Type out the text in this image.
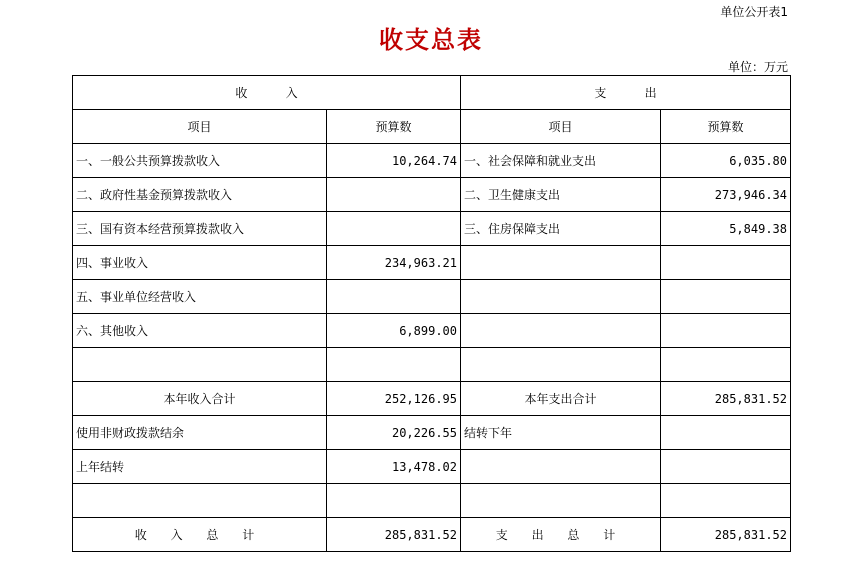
单位公开表1
收支总表
单位：万元
收          入		支          出	
项目	预算数	项目	预算数
一、一般公共预算拨款收入	10,264.74	一、社会保障和就业支出	6,035.80
二、政府性基金预算拨款收入		二、卫生健康支出	273,946.34
三、国有资本经营预算拨款收入		三、住房保障支出	5,849.38
四、事业收入	234,963.21		
五、事业单位经营收入			
六、其他收入	6,899.00		

本年收入合计	252,126.95	本年支出合计	285,831.52
使用非财政拨款结余	20,226.55	结转下年	
上年结转	13,478.02		

收 入 总 计	285,831.52	支 出 总 计	285,831.52
